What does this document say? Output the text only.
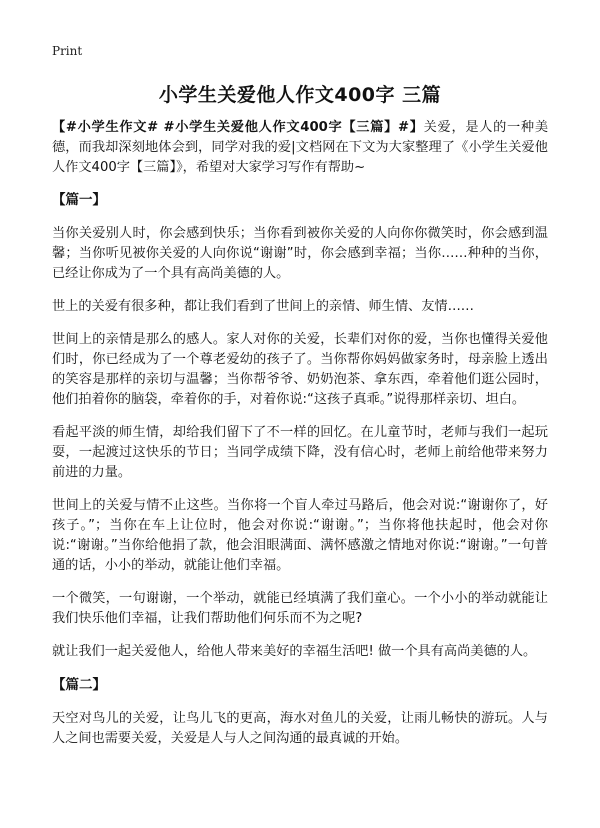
Print
小学生关爱他人作文400字 三篇

【#小学生作文# #小学生关爱他人作文400字【三篇】#】关爱，是人的一种美德，而我却深刻地体会到，同学对我的爱|文档网在下文为大家整理了《小学生关爱他人作文400字【三篇】》，希望对大家学习写作有帮助~

【篇一】

当你关爱别人时，你会感到快乐；当你看到被你关爱的人向你你微笑时，你会感到温馨；当你听见被你关爱的人向你说“谢谢”时，你会感到幸福；当你……种种的当你，已经让你成为了一个具有高尚美德的人。

世上的关爱有很多种，都让我们看到了世间上的亲情、师生情、友情……

世间上的亲情是那么的感人。家人对你的关爱，长辈们对你的爱，当你也懂得关爱他们时，你已经成为了一个尊老爱幼的孩子了。当你帮你妈妈做家务时，母亲脸上透出的笑容是那样的亲切与温馨；当你帮爷爷、奶奶泡茶、拿东西，牵着他们逛公园时，他们拍着你的脑袋，牵着你的手，对着你说:“这孩子真乖。”说得那样亲切、坦白。

看起平淡的师生情，却给我们留下了不一样的回忆。在儿童节时，老师与我们一起玩耍，一起渡过这快乐的节日；当同学成绩下降，没有信心时，老师上前给他带来努力前进的力量。

世间上的关爱与情不止这些。当你将一个盲人牵过马路后，他会对说:“谢谢你了，好孩子。”；当你在车上让位时，他会对你说:“谢谢。”；当你将他扶起时，他会对你说:“谢谢。”当你给他捐了款，他会泪眼满面、满怀感激之情地对你说:“谢谢。”一句普通的话，小小的举动，就能让他们幸福。

一个微笑，一句谢谢，一个举动，就能已经填满了我们童心。一个小小的举动就能让我们快乐他们幸福，让我们帮助他们何乐而不为之呢?

就让我们一起关爱他人，给他人带来美好的幸福生活吧! 做一个具有高尚美德的人。

【篇二】

天空对鸟儿的关爱，让鸟儿飞的更高，海水对鱼儿的关爱，让雨儿畅快的游玩。人与人之间也需要关爱，关爱是人与人之间沟通的最真诚的开始。
